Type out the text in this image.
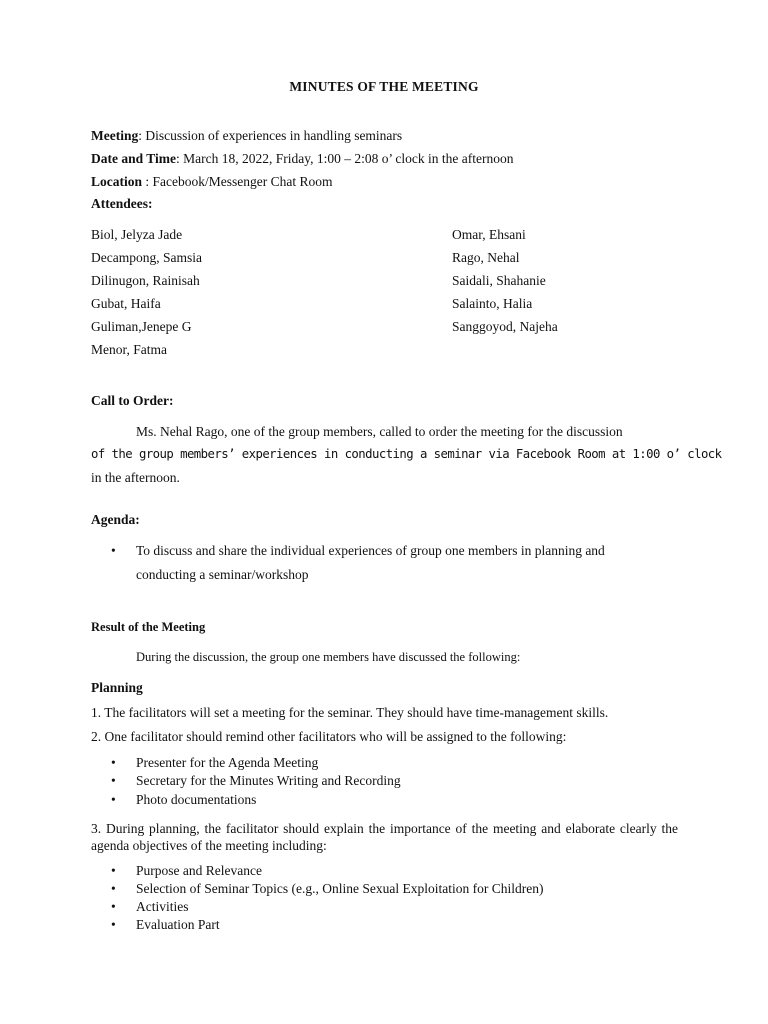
MINUTES OF THE MEETING
Meeting: Discussion of experiences in handling seminars
Date and Time: March 18, 2022, Friday, 1:00 – 2:08 o’ clock in the afternoon
Location : Facebook/Messenger Chat Room
Attendees:
Biol, Jelyza Jade
Decampong, Samsia
Dilinugon, Rainisah
Gubat, Haifa
Guliman,Jenepe G
Menor, Fatma
Omar, Ehsani
Rago, Nehal
Saidali, Shahanie
Salainto, Halia
Sanggoyod, Najeha
Call to Order:
Ms. Nehal Rago, one of the group members, called to order the meeting for the discussion
of the group members’ experiences in conducting a seminar via Facebook Room at 1:00 o’ clock
in the afternoon.
Agenda:
• To discuss and share the individual experiences of group one members in planning and
conducting a seminar/workshop
Result of the Meeting
During the discussion, the group one members have discussed the following:
Planning
1. The facilitators will set a meeting for the seminar. They should have time-management skills.
2. One facilitator should remind other facilitators who will be assigned to the following:
• Presenter for the Agenda Meeting
• Secretary for the Minutes Writing and Recording
• Photo documentations
3. During planning, the facilitator should explain the importance of the meeting and elaborate clearly the agenda objectives of the meeting including:
• Purpose and Relevance
• Selection of Seminar Topics (e.g., Online Sexual Exploitation for Children)
• Activities
• Evaluation Part
